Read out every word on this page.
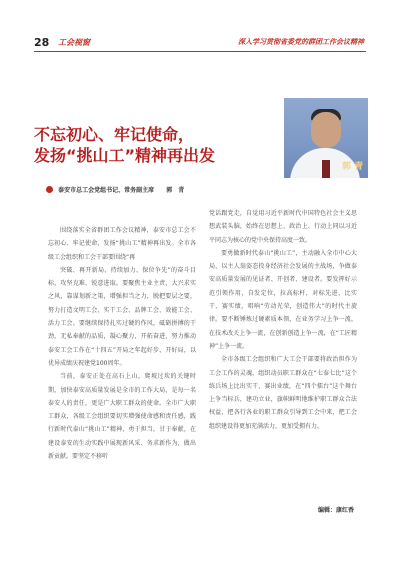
28 工会视窗	深入学习贯彻省委党的群团工作会议精神
不忘初心、牢记使命，
发扬“挑山工”精神再出发
郭 青
泰安市总工会党组书记、常务副主席 郭　青

围绕落实全省群团工作会议精神，泰安市总工会不忘初心、牢记使命，发扬“挑山工”精神再出发。全市各级工会组织和工会干部要围绕“再

突破、再开新局、持续加力、保位争先”的奋斗目标，攻坚克难、锐意进取。要聚焦主业主责，大兴求实之风，靠谋划新之策，增强担当之力，脱把要层之要，努力打造文明工会、实干工会、品牌工会、效能工会、活力工会。要继续保持扎实过硬的作风，砥砺拼搏的干劲，无私奉献的品质，凝心聚力，开拓奋进，努力推动泰安工会工作在“十四五”开局之年起好步，开好局，以优异成绩庆祝建党100周年。

当前，泰安正处在高石上山，爬坡过坎的关键时期，加快泰安高质量发展是全市的工作大局，是每一名泰安人的责任，更是广大职工群众的使命。全市广大职工群众，各级工会组织要切实增强使命感和责任感，践行新时代泰山“挑山工”精神，勇于担当，甘于奉献，在建设泰安的生动实践中展现新风采、务求新作为，做出新贡献。要坚定不移听

党话跟党走，自觉用习近平新时代中国特色社会主义思想武装头脑，始终在思想上、政治上、行动上同以习近平同志为核心的党中央保持高度一致。

要勇做新时代泰山“挑山工”，主动融入全市中心大局，以主人翁姿态投身经济社会发展的主战场，争做泰安高质量发展的见证者、开创者、建设者。要发挥好示范引领作用，自发定位，拉高标杆，对标先进，比实干、赛实绩，唱响“劳动光荣，创造伟大”的时代主旋律。要不断锤炼过硬素质本领，在业务学习上争一流，在技术改关上争一流，在创新创造上争一流，在“工匠精神”上争一流。

全市各级工会组织和广大工会干部要将政治担作为工会工作的灵魂，组织动员职工群众在“七泰七比”这个练兵场上比出实干，赛出业绩，在“四个擂台”这个舞台上争当标兵，建功立业，旗帜鲜明地维护职工群众合法权益，把各行各业的职工群众引导到工会中来，把工会组织建设得更加充满活力，更加受拥有力。

编辑：康红香
